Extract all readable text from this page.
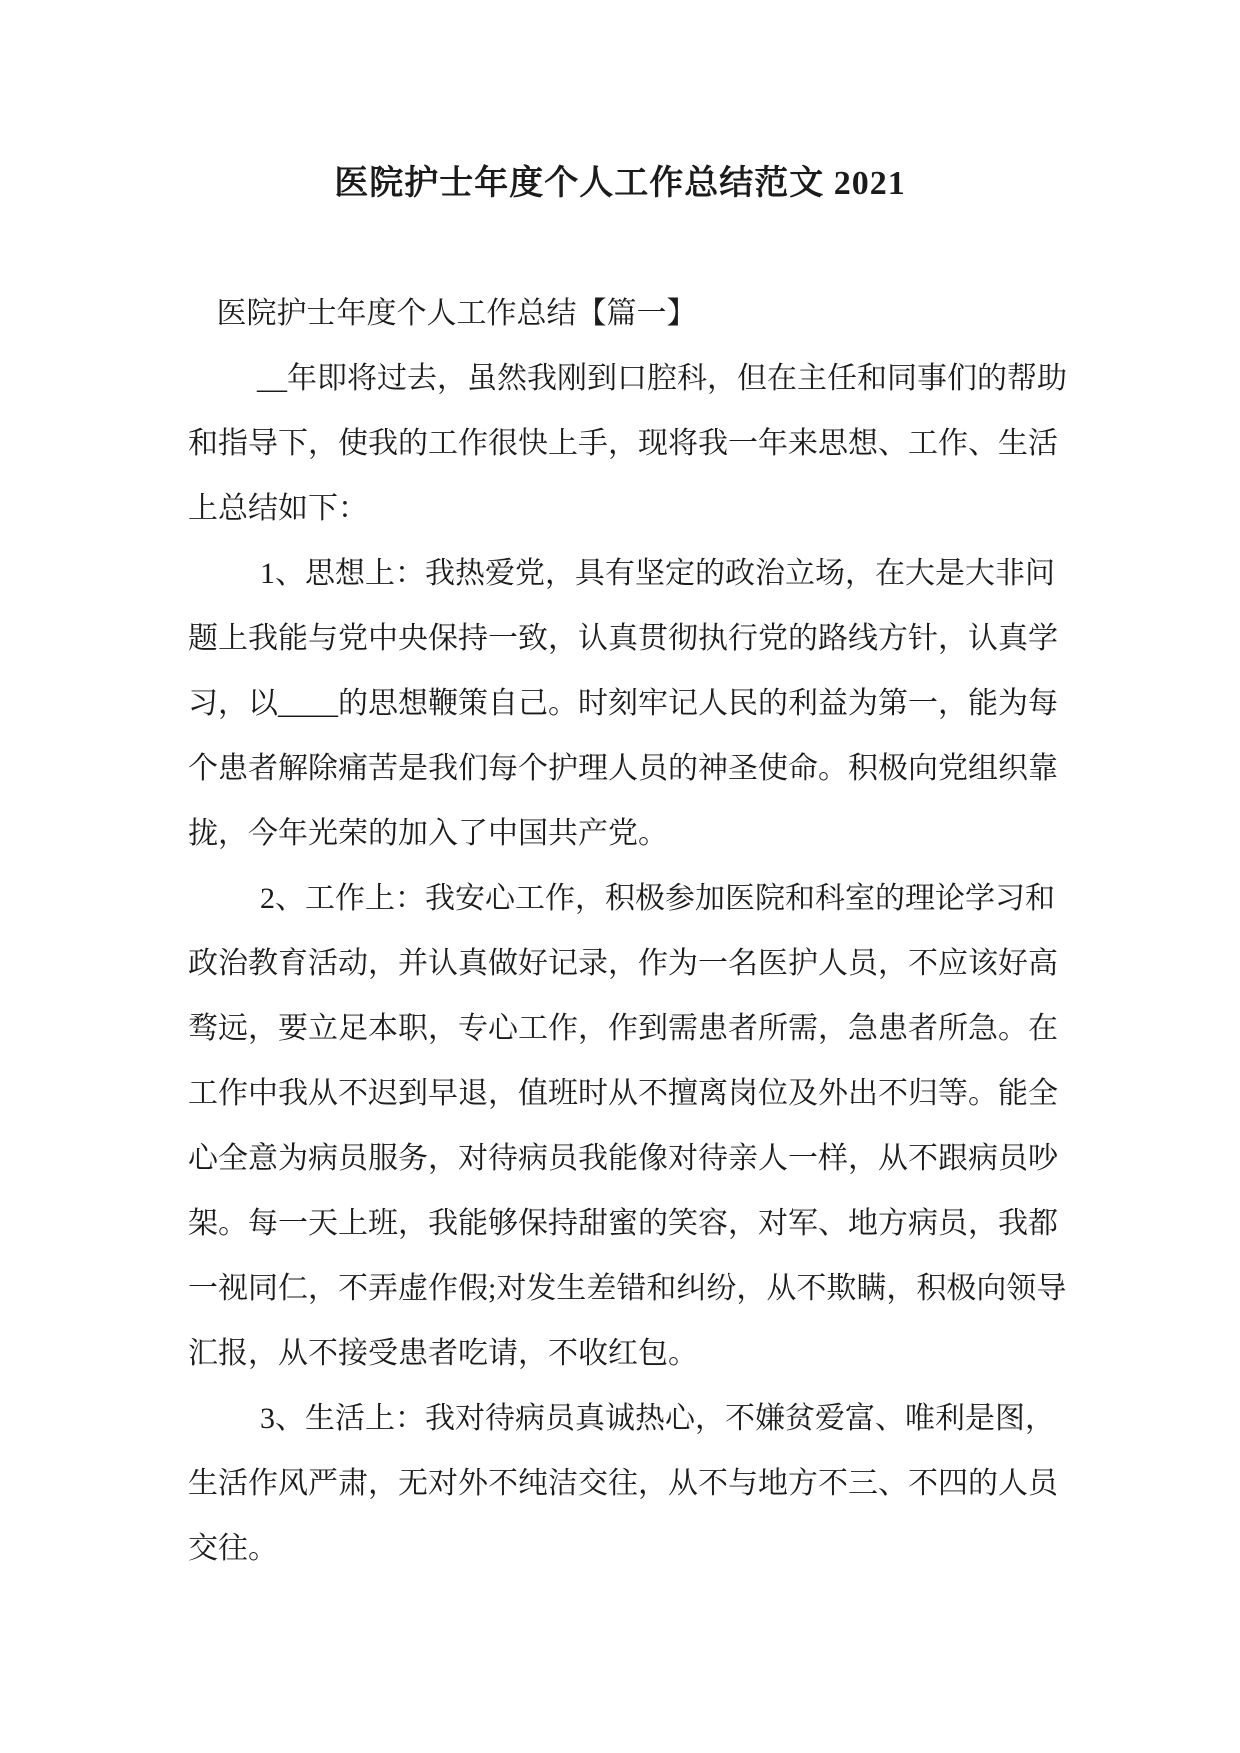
医院护士年度个人工作总结范文 2021
医院护士年度个人工作总结【篇一】
__年即将过去，虽然我刚到口腔科，但在主任和同事们的帮助
和指导下，使我的工作很快上手，现将我一年来思想、工作、生活
上总结如下：
1、思想上：我热爱党，具有坚定的政治立场，在大是大非问
题上我能与党中央保持一致，认真贯彻执行党的路线方针，认真学
习，以____的思想鞭策自己。时刻牢记人民的利益为第一，能为每
个患者解除痛苦是我们每个护理人员的神圣使命。积极向党组织靠
拢，今年光荣的加入了中国共产党。
2、工作上：我安心工作，积极参加医院和科室的理论学习和
政治教育活动，并认真做好记录，作为一名医护人员，不应该好高
骛远，要立足本职，专心工作，作到需患者所需，急患者所急。在
工作中我从不迟到早退，值班时从不擅离岗位及外出不归等。能全
心全意为病员服务，对待病员我能像对待亲人一样，从不跟病员吵
架。每一天上班，我能够保持甜蜜的笑容，对军、地方病员，我都
一视同仁，不弄虚作假;对发生差错和纠纷，从不欺瞒，积极向领导
汇报，从不接受患者吃请，不收红包。
3、生活上：我对待病员真诚热心，不嫌贫爱富、唯利是图，
生活作风严肃，无对外不纯洁交往，从不与地方不三、不四的人员
交往。
